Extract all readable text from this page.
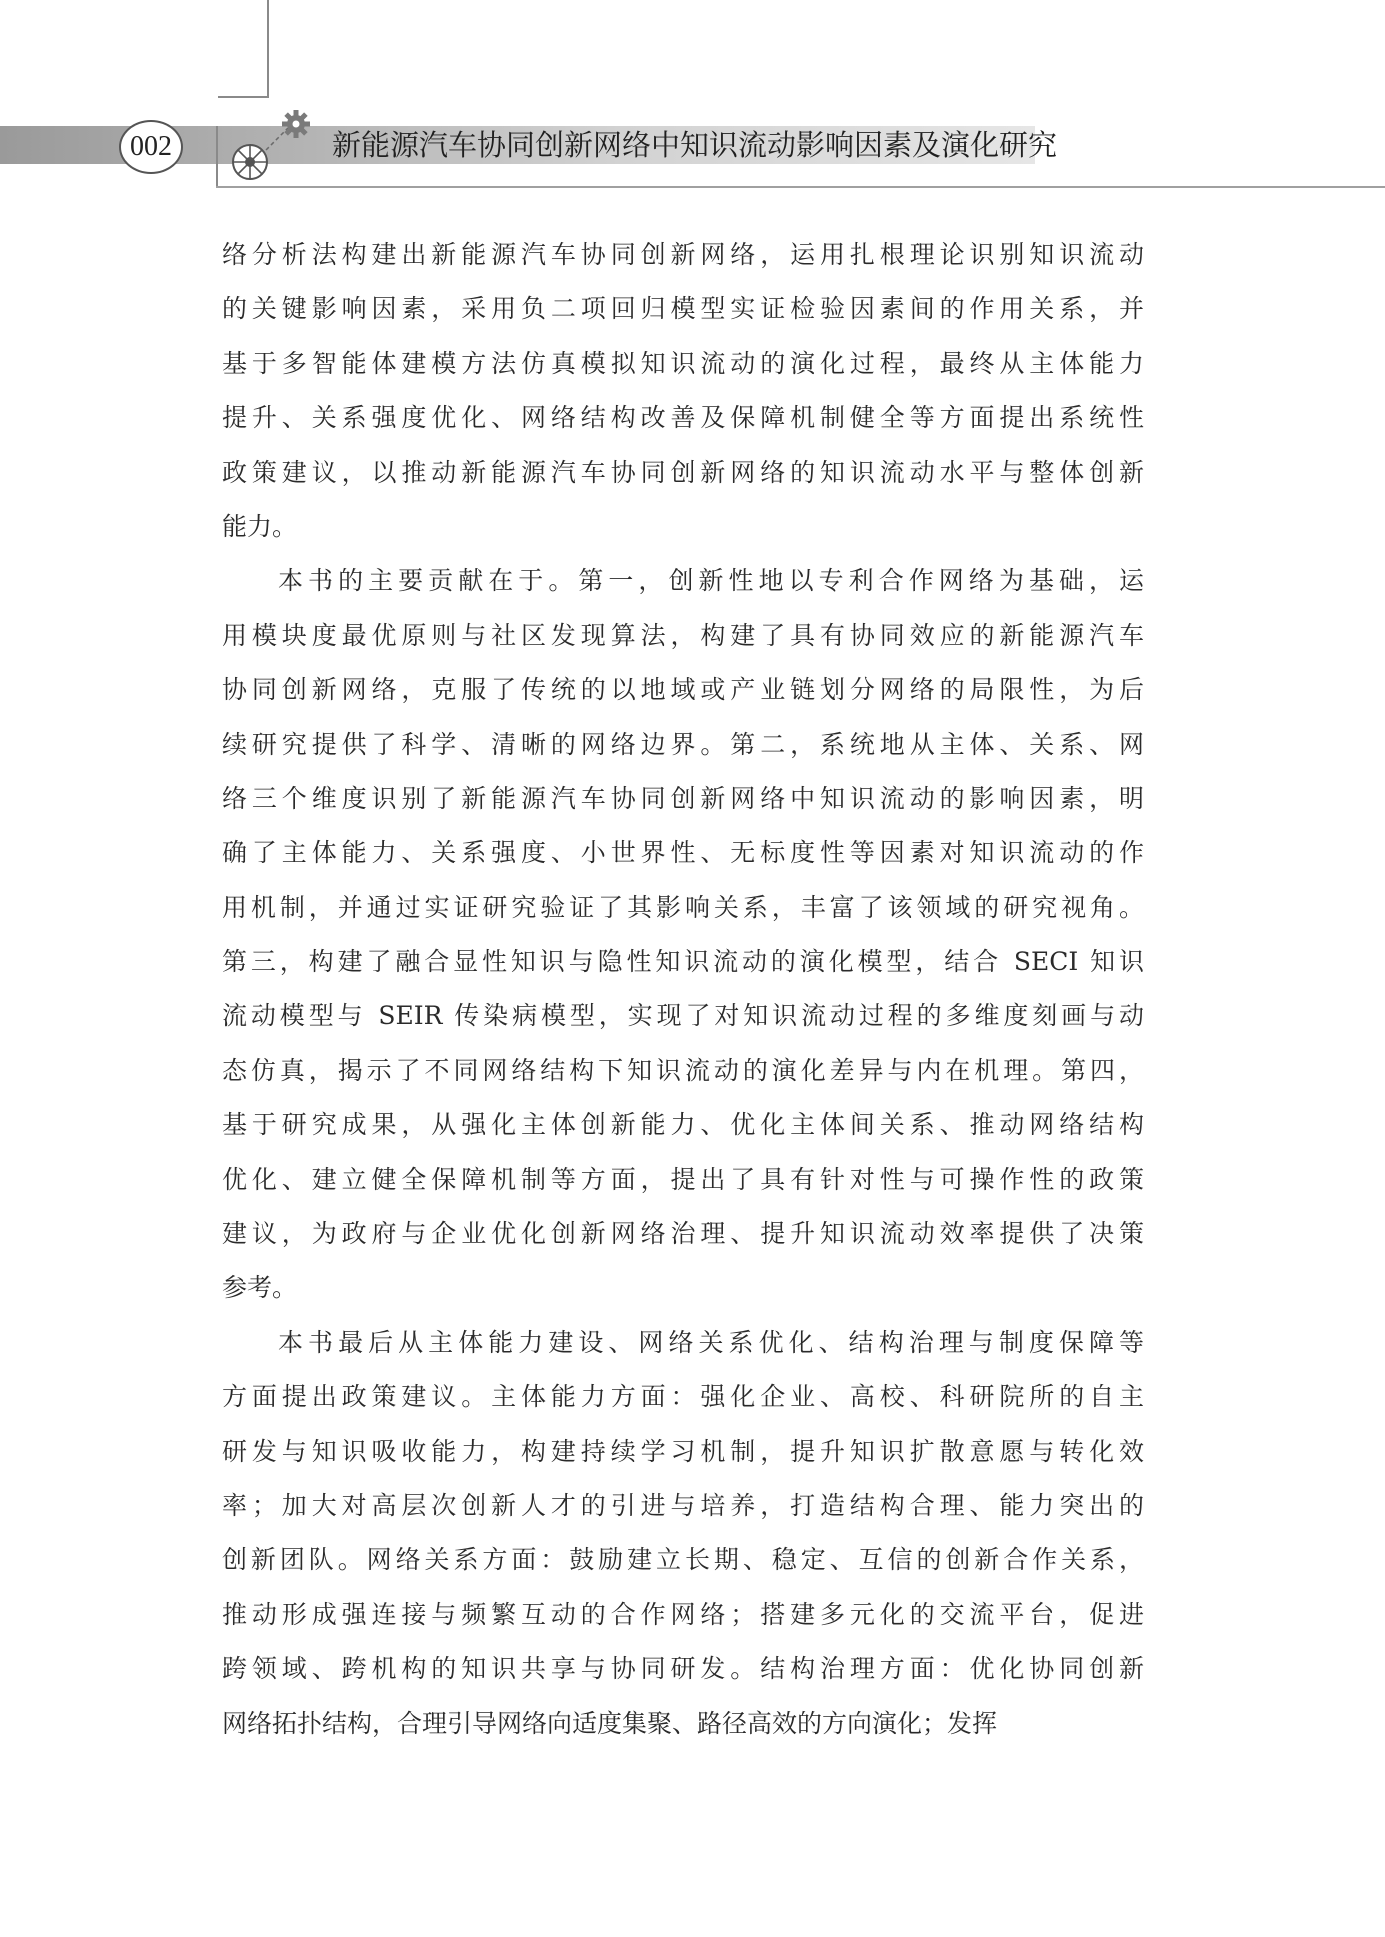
002	新能源汽车协同创新网络中知识流动影响因素及演化研究
络分析法构建出新能源汽车协同创新网络，运用扎根理论识别知识流动
的关键影响因素，采用负二项回归模型实证检验因素间的作用关系，并
基于多智能体建模方法仿真模拟知识流动的演化过程，最终从主体能力
提升、关系强度优化、网络结构改善及保障机制健全等方面提出系统性
政策建议，以推动新能源汽车协同创新网络的知识流动水平与整体创新
能力。
本书的主要贡献在于。第一，创新性地以专利合作网络为基础，运
用模块度最优原则与社区发现算法，构建了具有协同效应的新能源汽车
协同创新网络，克服了传统的以地域或产业链划分网络的局限性，为后
续研究提供了科学、清晰的网络边界。第二，系统地从主体、关系、网
络三个维度识别了新能源汽车协同创新网络中知识流动的影响因素，明
确了主体能力、关系强度、小世界性、无标度性等因素对知识流动的作
用机制，并通过实证研究验证了其影响关系，丰富了该领域的研究视角。
第三，构建了融合显性知识与隐性知识流动的演化模型，结合 SECI 知识
流动模型与 SEIR 传染病模型，实现了对知识流动过程的多维度刻画与动
态仿真，揭示了不同网络结构下知识流动的演化差异与内在机理。第四，
基于研究成果，从强化主体创新能力、优化主体间关系、推动网络结构
优化、建立健全保障机制等方面，提出了具有针对性与可操作性的政策
建议，为政府与企业优化创新网络治理、提升知识流动效率提供了决策
参考。
本书最后从主体能力建设、网络关系优化、结构治理与制度保障等
方面提出政策建议。主体能力方面：强化企业、高校、科研院所的自主
研发与知识吸收能力，构建持续学习机制，提升知识扩散意愿与转化效
率；加大对高层次创新人才的引进与培养，打造结构合理、能力突出的
创新团队。网络关系方面：鼓励建立长期、稳定、互信的创新合作关系，
推动形成强连接与频繁互动的合作网络；搭建多元化的交流平台，促进
跨领域、跨机构的知识共享与协同研发。结构治理方面：优化协同创新
网络拓扑结构，合理引导网络向适度集聚、路径高效的方向演化；发挥
